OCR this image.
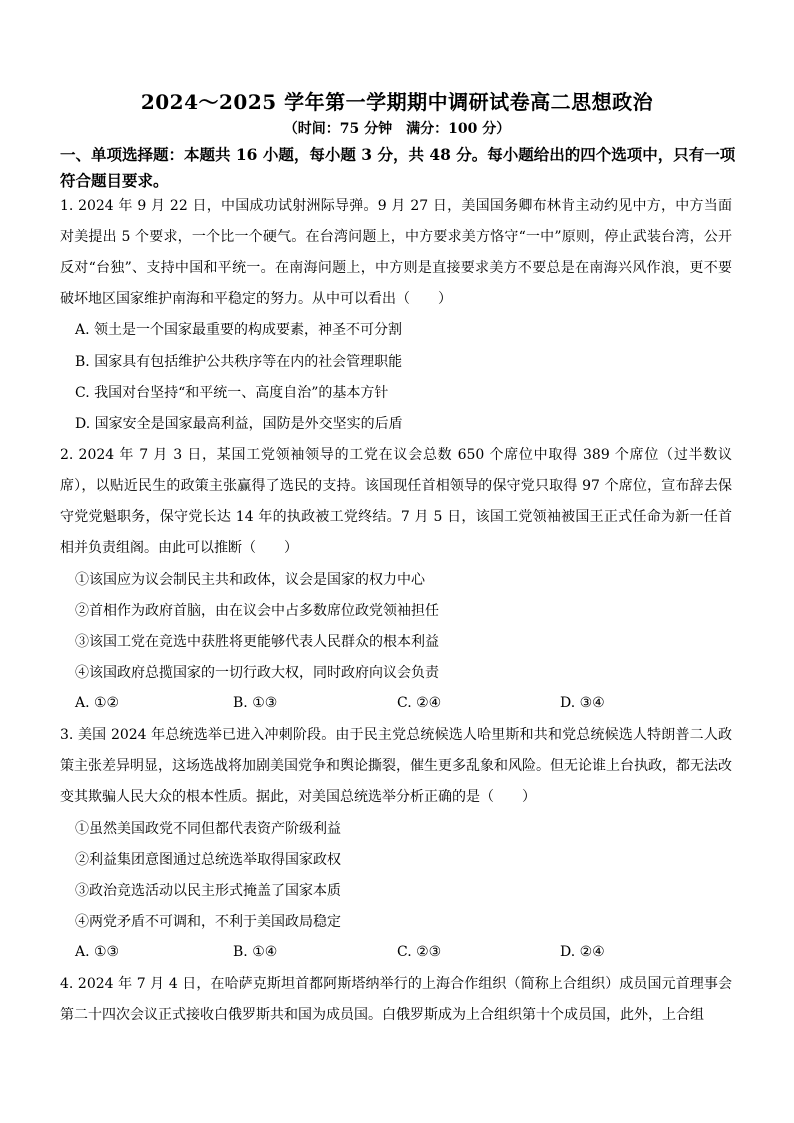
2024～2025 学年第一学期期中调研试卷高二思想政治
（时间：75 分钟　满分：100 分）
一、单项选择题：本题共 16 小题，每小题 3 分，共 48 分。每小题给出的四个选项中，只有一项符合题目要求。
1. 2024 年 9 月 22 日，中国成功试射洲际导弹。9 月 27 日，美国国务卿布林肯主动约见中方，中方当面对美提出 5 个要求，一个比一个硬气。在台湾问题上，中方要求美方恪守“一中”原则，停止武装台湾，公开反对“台独”、支持中国和平统一。在南海问题上，中方则是直接要求美方不要总是在南海兴风作浪，更不要破坏地区国家维护南海和平稳定的努力。从中可以看出（　　）
A. 领土是一个国家最重要的构成要素，神圣不可分割
B. 国家具有包括维护公共秩序等在内的社会管理职能
C. 我国对台坚持“和平统一、高度自治”的基本方针
D. 国家安全是国家最高利益，国防是外交坚实的后盾
2. 2024 年 7 月 3 日，某国工党领袖领导的工党在议会总数 650 个席位中取得 389 个席位（过半数议席），以贴近民生的政策主张赢得了选民的支持。该国现任首相领导的保守党只取得 97 个席位，宣布辞去保守党党魁职务，保守党长达 14 年的执政被工党终结。7 月 5 日，该国工党领袖被国王正式任命为新一任首相并负责组阁。由此可以推断（　　）
①该国应为议会制民主共和政体，议会是国家的权力中心
②首相作为政府首脑，由在议会中占多数席位政党领袖担任
③该国工党在竞选中获胜将更能够代表人民群众的根本利益
④该国政府总揽国家的一切行政大权，同时政府向议会负责
A. ①②	B. ①③	C. ②④	D. ③④
3. 美国 2024 年总统选举已进入冲刺阶段。由于民主党总统候选人哈里斯和共和党总统候选人特朗普二人政策主张差异明显，这场选战将加剧美国党争和舆论撕裂，催生更多乱象和风险。但无论谁上台执政，都无法改变其欺骗人民大众的根本性质。据此，对美国总统选举分析正确的是（　　）
①虽然美国政党不同但都代表资产阶级利益
②利益集团意图通过总统选举取得国家政权
③政治竞选活动以民主形式掩盖了国家本质
④两党矛盾不可调和，不利于美国政局稳定
A. ①③	B. ①④	C. ②③	D. ②④
4. 2024 年 7 月 4 日，在哈萨克斯坦首都阿斯塔纳举行的上海合作组织（简称上合组织）成员国元首理事会第二十四次会议正式接收白俄罗斯共和国为成员国。白俄罗斯成为上合组织第十个成员国，此外，上合组
